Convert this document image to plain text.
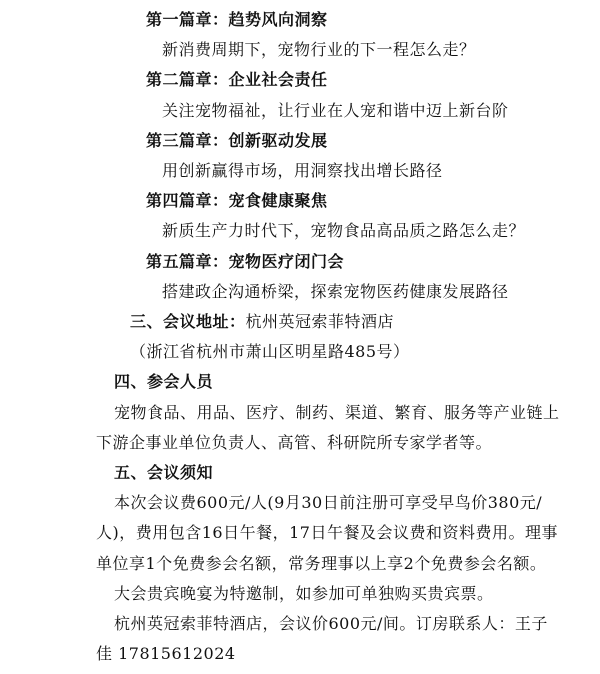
第一篇章：趋势风向洞察
新消费周期下，宠物行业的下一程怎么走？
第二篇章：企业社会责任
关注宠物福祉，让行业在人宠和谐中迈上新台阶
第三篇章：创新驱动发展
用创新赢得市场，用洞察找出增长路径
第四篇章：宠食健康聚焦
新质生产力时代下，宠物食品高品质之路怎么走？
第五篇章：宠物医疗闭门会
搭建政企沟通桥梁，探索宠物医药健康发展路径
三、会议地址：杭州英冠索菲特酒店
（浙江省杭州市萧山区明星路485号）
四、参会人员
宠物食品、用品、医疗、制药、渠道、繁育、服务等产业链上
下游企事业单位负责人、高管、科研院所专家学者等。
五、会议须知
本次会议费600元/人(9月30日前注册可享受早鸟价380元/
人)，费用包含16日午餐，17日午餐及会议费和资料费用。理事
单位享1个免费参会名额，常务理事以上享2个免费参会名额。
大会贵宾晚宴为特邀制，如参加可单独购买贵宾票。
杭州英冠索菲特酒店，会议价600元/间。订房联系人：王子
佳 17815612024
